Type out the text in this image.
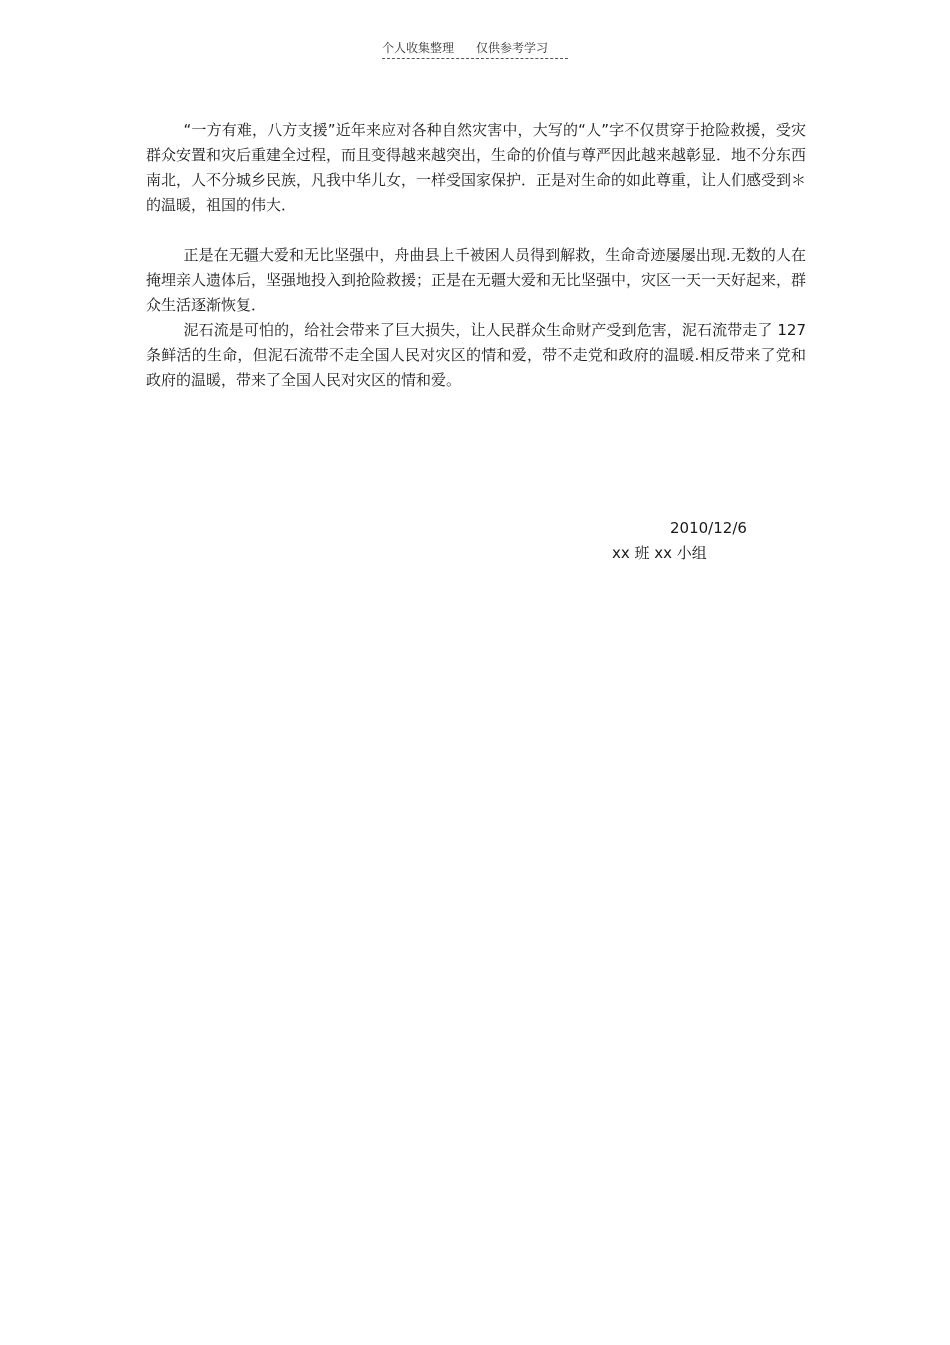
个人收集整理 仅供参考学习

“一方有难，八方支援”近年来应对各种自然灾害中，大写的“人”字不仅贯穿于抢险救援，受灾群众安置和灾后重建全过程，而且变得越来越突出，生命的价值与尊严因此越来越彰显．地不分东西南北，人不分城乡民族，凡我中华儿女，一样受国家保护．正是对生命的如此尊重，让人们感受到＊的温暖，祖国的伟大．

正是在无疆大爱和无比坚强中，舟曲县上千被困人员得到解救，生命奇迹屡屡出现.无数的人在掩埋亲人遗体后，坚强地投入到抢险救援；正是在无疆大爱和无比坚强中，灾区一天一天好起来，群众生活逐渐恢复．

泥石流是可怕的，给社会带来了巨大损失，让人民群众生命财产受到危害，泥石流带走了 127 条鲜活的生命，但泥石流带不走全国人民对灾区的情和爱，带不走党和政府的温暖.相反带来了党和政府的温暖，带来了全国人民对灾区的情和爱。

2010/12/6
xx 班 xx 小组
